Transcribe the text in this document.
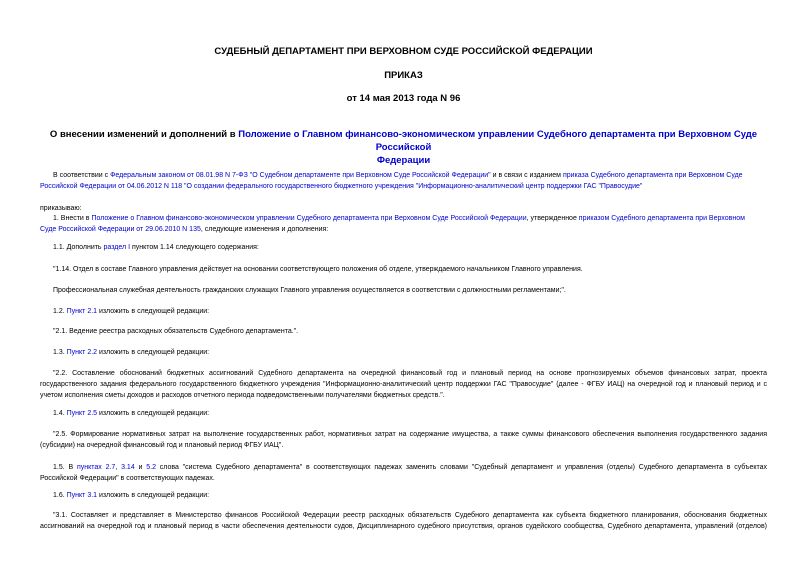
СУДЕБНЫЙ ДЕПАРТАМЕНТ ПРИ ВЕРХОВНОМ СУДЕ РОССИЙСКОЙ ФЕДЕРАЦИИ
ПРИКАЗ
от 14 мая 2013 года N 96
О внесении изменений и дополнений в Положение о Главном финансово-экономическом управлении Судебного департамента при Верховном Суде Российской
Федерации
В соответствии с Федеральным законом от 08.01.98 N 7-ФЗ "О Судебном департаменте при Верховном Суде Российской Федерации" и в связи с изданием приказа Судебного департамента при Верховном Суде
Российской Федерации от 04.06.2012 N 118 "О создании федерального государственного бюджетного учреждения "Информационно-аналитический центр поддержки ГАС "Правосудие"
приказываю:
1. Внести в Положение о Главном финансово-экономическом управлении Судебного департамента при Верховном Суде Российской Федерации, утвержденное приказом Судебного департамента при Верховном
Суде Российской Федерации от 29.06.2010 N 135, следующие изменения и дополнения:
1.1. Дополнить раздел I пунктом 1.14 следующего содержания:
"1.14. Отдел в составе Главного управления действует на основании соответствующего положения об отделе, утверждаемого начальником Главного управления.
Профессиональная служебная деятельность гражданских служащих Главного управления осуществляется в соответствии с должностными регламентами;".
1.2. Пункт 2.1 изложить в следующей редакции:
"2.1. Ведение реестра расходных обязательств Судебного департамента.".
1.3. Пункт 2.2 изложить в следующей редакции:
"2.2. Составление обоснований бюджетных ассигнований Судебного департамента на очередной финансовый год и плановый период на основе прогнозируемых объемов финансовых затрат, проекта
государственного задания федерального государственного бюджетного учреждения "Информационно-аналитический центр поддержки ГАС "Правосудие" (далее - ФГБУ ИАЦ) на очередной год и плановый период и с
учетом исполнения сметы доходов и расходов отчетного периода подведомственными получателями бюджетных средств.".
1.4. Пункт 2.5 изложить в следующей редакции:
"2.5. Формирование нормативных затрат на выполнение государственных работ, нормативных затрат на содержание имущества, а также суммы финансового обеспечения выполнения государственного задания
(субсидии) на очередной финансовый год и плановый период ФГБУ ИАЦ".
1.5. В пунктах 2.7, 3.14 и 5.2 слова "система Судебного департамента" в соответствующих падежах заменить словами "Судебный департамент и управления (отделы) Судебного департамента в субъектах
Российской Федерации" в соответствующих падежах.
1.6. Пункт 3.1 изложить в следующей редакции:
"3.1. Составляет и представляет в Министерство финансов Российской Федерации реестр расходных обязательств Судебного департамента как субъекта бюджетного планирования, обоснования бюджетных
ассигнований на очередной год и плановый период в части обеспечения деятельности судов, Дисциплинарного судебного присутствия, органов судейского сообщества, Судебного департамента, управлений (отделов)
